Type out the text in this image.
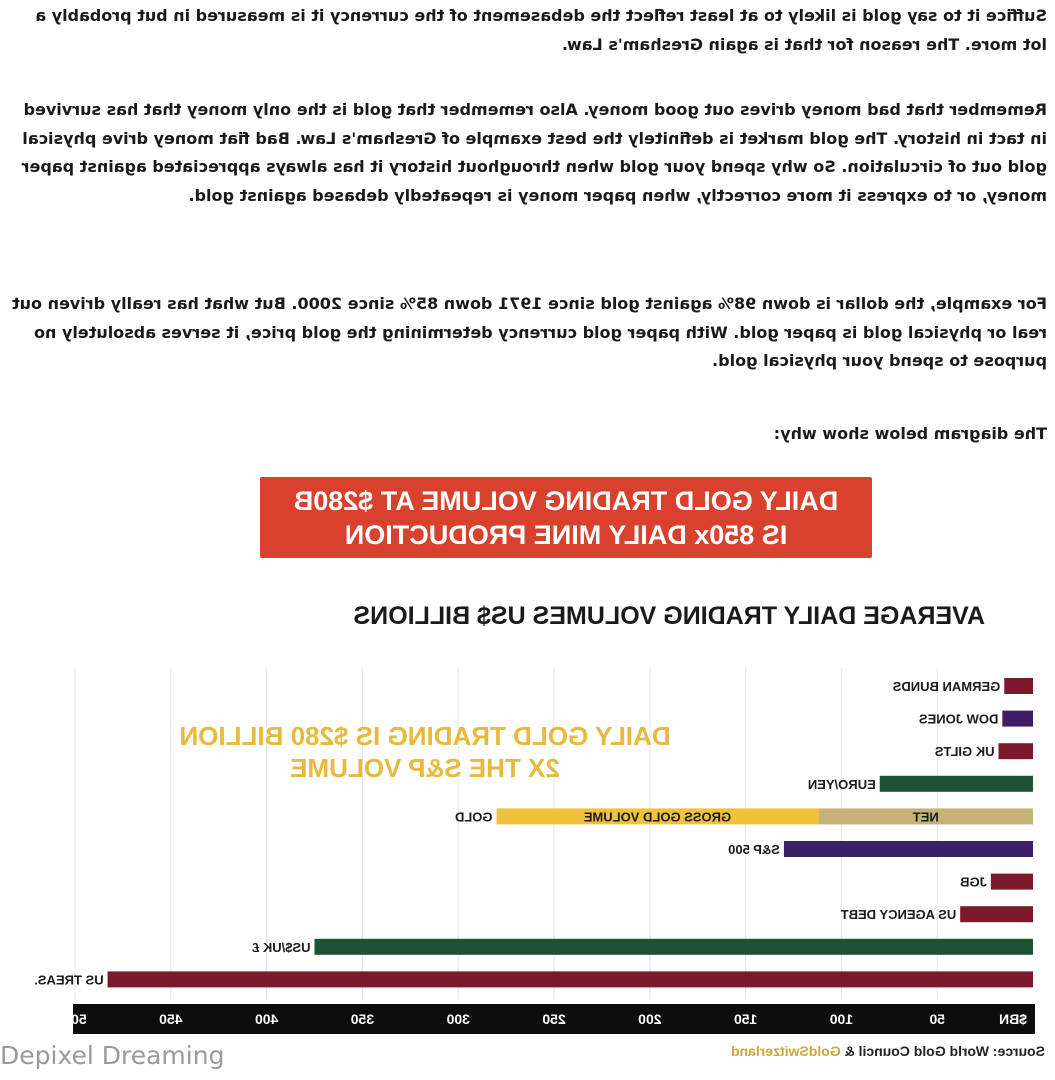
Suffice it to say gold is likely to at least reflect the debasement of the currency it is measured in but probably a lot more. The reason for that is again Gresham's Law.

Remember that bad money drives out good money. Also remember that gold is the only money that has survived in tact in history. The gold market is definitely the best example of Gresham's Law. Bad fiat money drive physical gold out of circulation. So why spend your gold when throughout history it has always appreciated against paper money, or to express it more correctly, when paper money is repeatedly debased against gold.

For example, the dollar is down 98% against gold since 1971 down 85% since 2000. But what has really driven out real or physical gold is paper gold. With paper gold currency determining the gold price, it serves absolutely no purpose to spend your physical gold.

The diagram below show why:

DAILY GOLD TRADING VOLUME AT $280B
IS 850x DAILY MINE PRODUCTION
AVERAGE DAILY TRADING VOLUMES US$ BILLIONS
GERMAN BUNDS
DOW JONES
UK GILTS
EURO/YEN
NET
GROSS GOLD VOLUME
GOLD
S&P 500
JGB
US AGENCY DEBT
US$/UK £
US TREAS.
$BN
50
100
150
200
250
300
350
400
450
500
DAILY GOLD TRADING IS $280 BILLION
2X THE S&P VOLUME
Source: World Gold Council & GoldSwitzerland
Depixel Dreaming
